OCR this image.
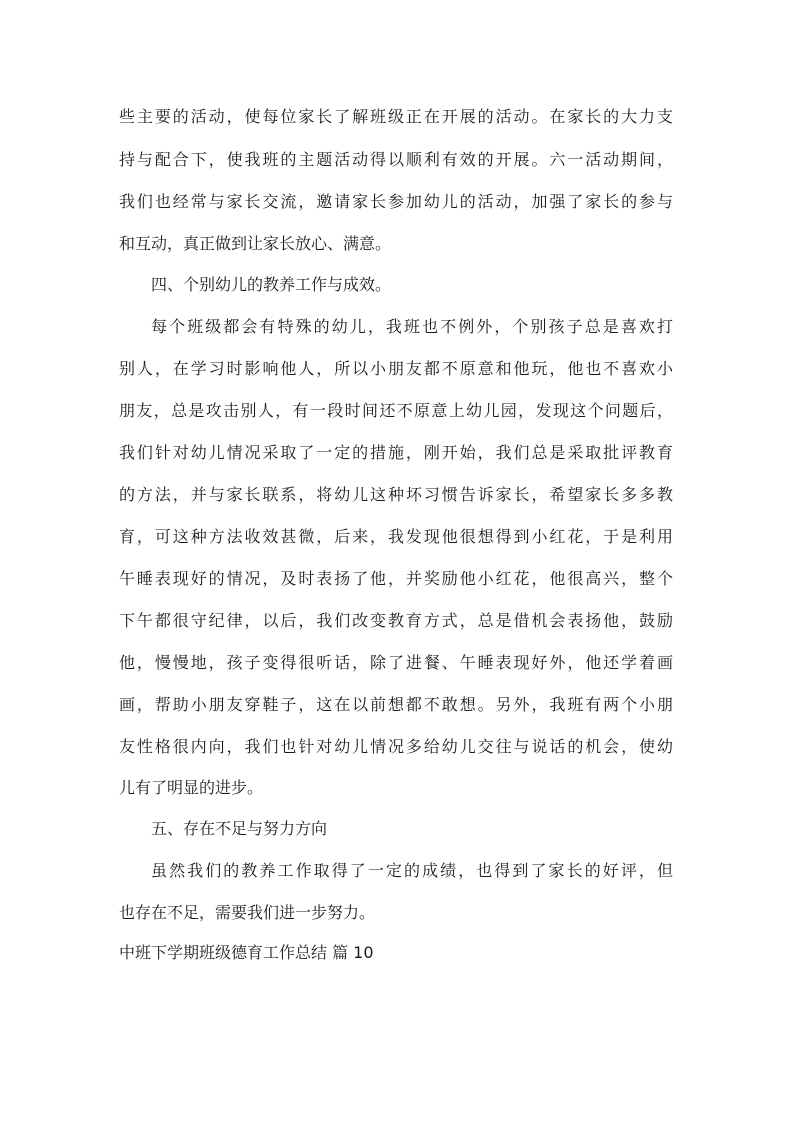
些主要的活动，使每位家长了解班级正在开展的活动。在家长的大力支
持与配合下，使我班的主题活动得以顺利有效的开展。六一活动期间，
我们也经常与家长交流，邀请家长参加幼儿的活动，加强了家长的参与
和互动，真正做到让家长放心、满意。
四、个别幼儿的教养工作与成效。
每个班级都会有特殊的幼儿，我班也不例外，个别孩子总是喜欢打
别人，在学习时影响他人，所以小朋友都不原意和他玩，他也不喜欢小
朋友，总是攻击别人，有一段时间还不原意上幼儿园，发现这个问题后，
我们针对幼儿情况采取了一定的措施，刚开始，我们总是采取批评教育
的方法，并与家长联系，将幼儿这种坏习惯告诉家长，希望家长多多教
育，可这种方法收效甚微，后来，我发现他很想得到小红花，于是利用
午睡表现好的情况，及时表扬了他，并奖励他小红花，他很高兴，整个
下午都很守纪律，以后，我们改变教育方式，总是借机会表扬他，鼓励
他，慢慢地，孩子变得很听话，除了进餐、午睡表现好外，他还学着画
画，帮助小朋友穿鞋子，这在以前想都不敢想。另外，我班有两个小朋
友性格很内向，我们也针对幼儿情况多给幼儿交往与说话的机会，使幼
儿有了明显的进步。
五、存在不足与努力方向
虽然我们的教养工作取得了一定的成绩，也得到了家长的好评，但
也存在不足，需要我们进一步努力。
中班下学期班级德育工作总结 篇 10
